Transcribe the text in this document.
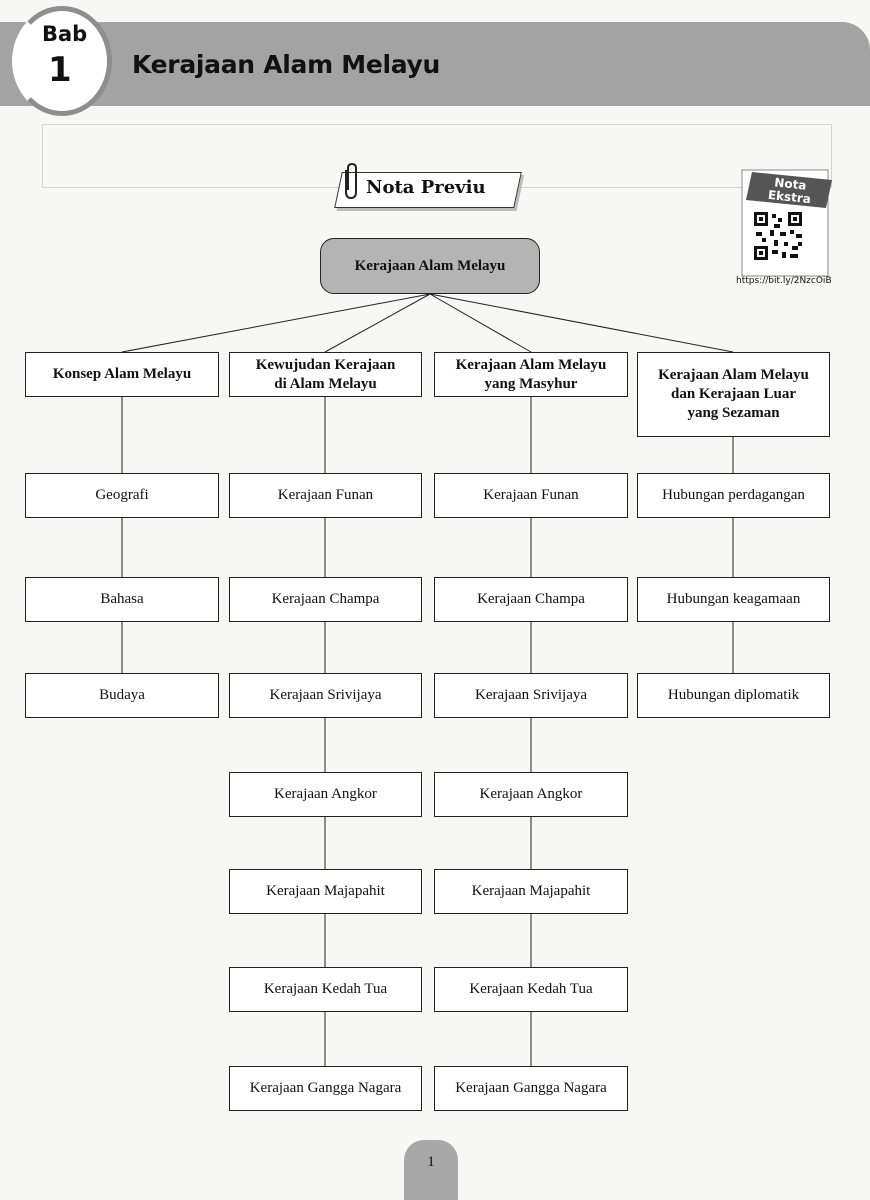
Bab
1 Kerajaan Alam Melayu
Nota Previu	Nota
Ekstra
https://bit.ly/2NzcOiB
Kerajaan Alam Melayu
Konsep Alam Melayu
Kewujudan Kerajaan
di Alam Melayu
Kerajaan Alam Melayu
yang Masyhur
Kerajaan Alam Melayu
dan Kerajaan Luar
yang Sezaman
Geografi
Bahasa
Budaya
Kerajaan Funan
Kerajaan Champa
Kerajaan Srivijaya
Kerajaan Angkor
Kerajaan Majapahit
Kerajaan Kedah Tua
Kerajaan Gangga Nagara
Kerajaan Funan
Kerajaan Champa
Kerajaan Srivijaya
Kerajaan Angkor
Kerajaan Majapahit
Kerajaan Kedah Tua
Kerajaan Gangga Nagara
Hubungan perdagangan
Hubungan keagamaan
Hubungan diplomatik
1
